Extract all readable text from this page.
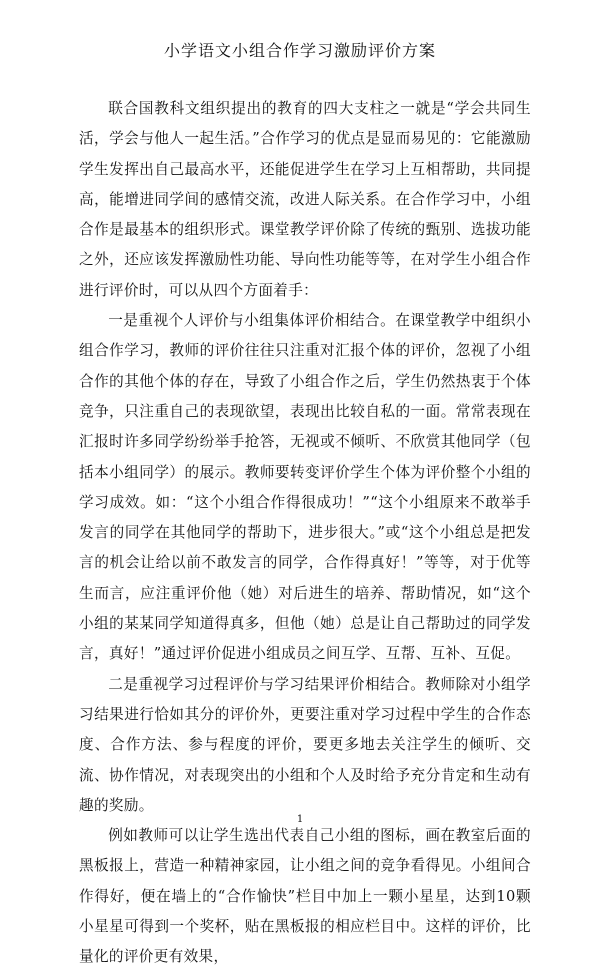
小学语文小组合作学习激励评价方案

联合国教科文组织提出的教育的四大支柱之一就是“学会共同生活，学会与他人一起生活。”合作学习的优点是显而易见的：它能激励学生发挥出自己最高水平，还能促进学生在学习上互相帮助，共同提高，能增进同学间的感情交流，改进人际关系。在合作学习中，小组合作是最基本的组织形式。课堂教学评价除了传统的甄别、选拔功能之外，还应该发挥激励性功能、导向性功能等等，在对学生小组合作进行评价时，可以从四个方面着手：

一是重视个人评价与小组集体评价相结合。在课堂教学中组织小组合作学习，教师的评价往往只注重对汇报个体的评价，忽视了小组合作的其他个体的存在，导致了小组合作之后，学生仍然热衷于个体竞争，只注重自己的表现欲望，表现出比较自私的一面。常常表现在汇报时许多同学纷纷举手抢答，无视或不倾听、不欣赏其他同学（包括本小组同学）的展示。教师要转变评价学生个体为评价整个小组的学习成效。如：“这个小组合作得很成功！”“这个小组原来不敢举手发言的同学在其他同学的帮助下，进步很大。”或“这个小组总是把发言的机会让给以前不敢发言的同学，合作得真好！”等等，对于优等生而言，应注重评价他（她）对后进生的培养、帮助情况，如“这个小组的某某同学知道得真多，但他（她）总是让自己帮助过的同学发言，真好！”通过评价促进小组成员之间互学、互帮、互补、互促。

二是重视学习过程评价与学习结果评价相结合。教师除对小组学习结果进行恰如其分的评价外，更要注重对学习过程中学生的合作态度、合作方法、参与程度的评价，要更多地去关注学生的倾听、交流、协作情况，对表现突出的小组和个人及时给予充分肯定和生动有趣的奖励。

例如教师可以让学生选出代表自己小组的图标，画在教室后面的黑板报上，营造一种精神家园，让小组之间的竞争看得见。小组间合作得好，便在墙上的“合作愉快”栏目中加上一颗小星星，达到10颗小星星可得到一个奖杯，贴在黑板报的相应栏目中。这样的评价，比量化的评价更有效果，

1
